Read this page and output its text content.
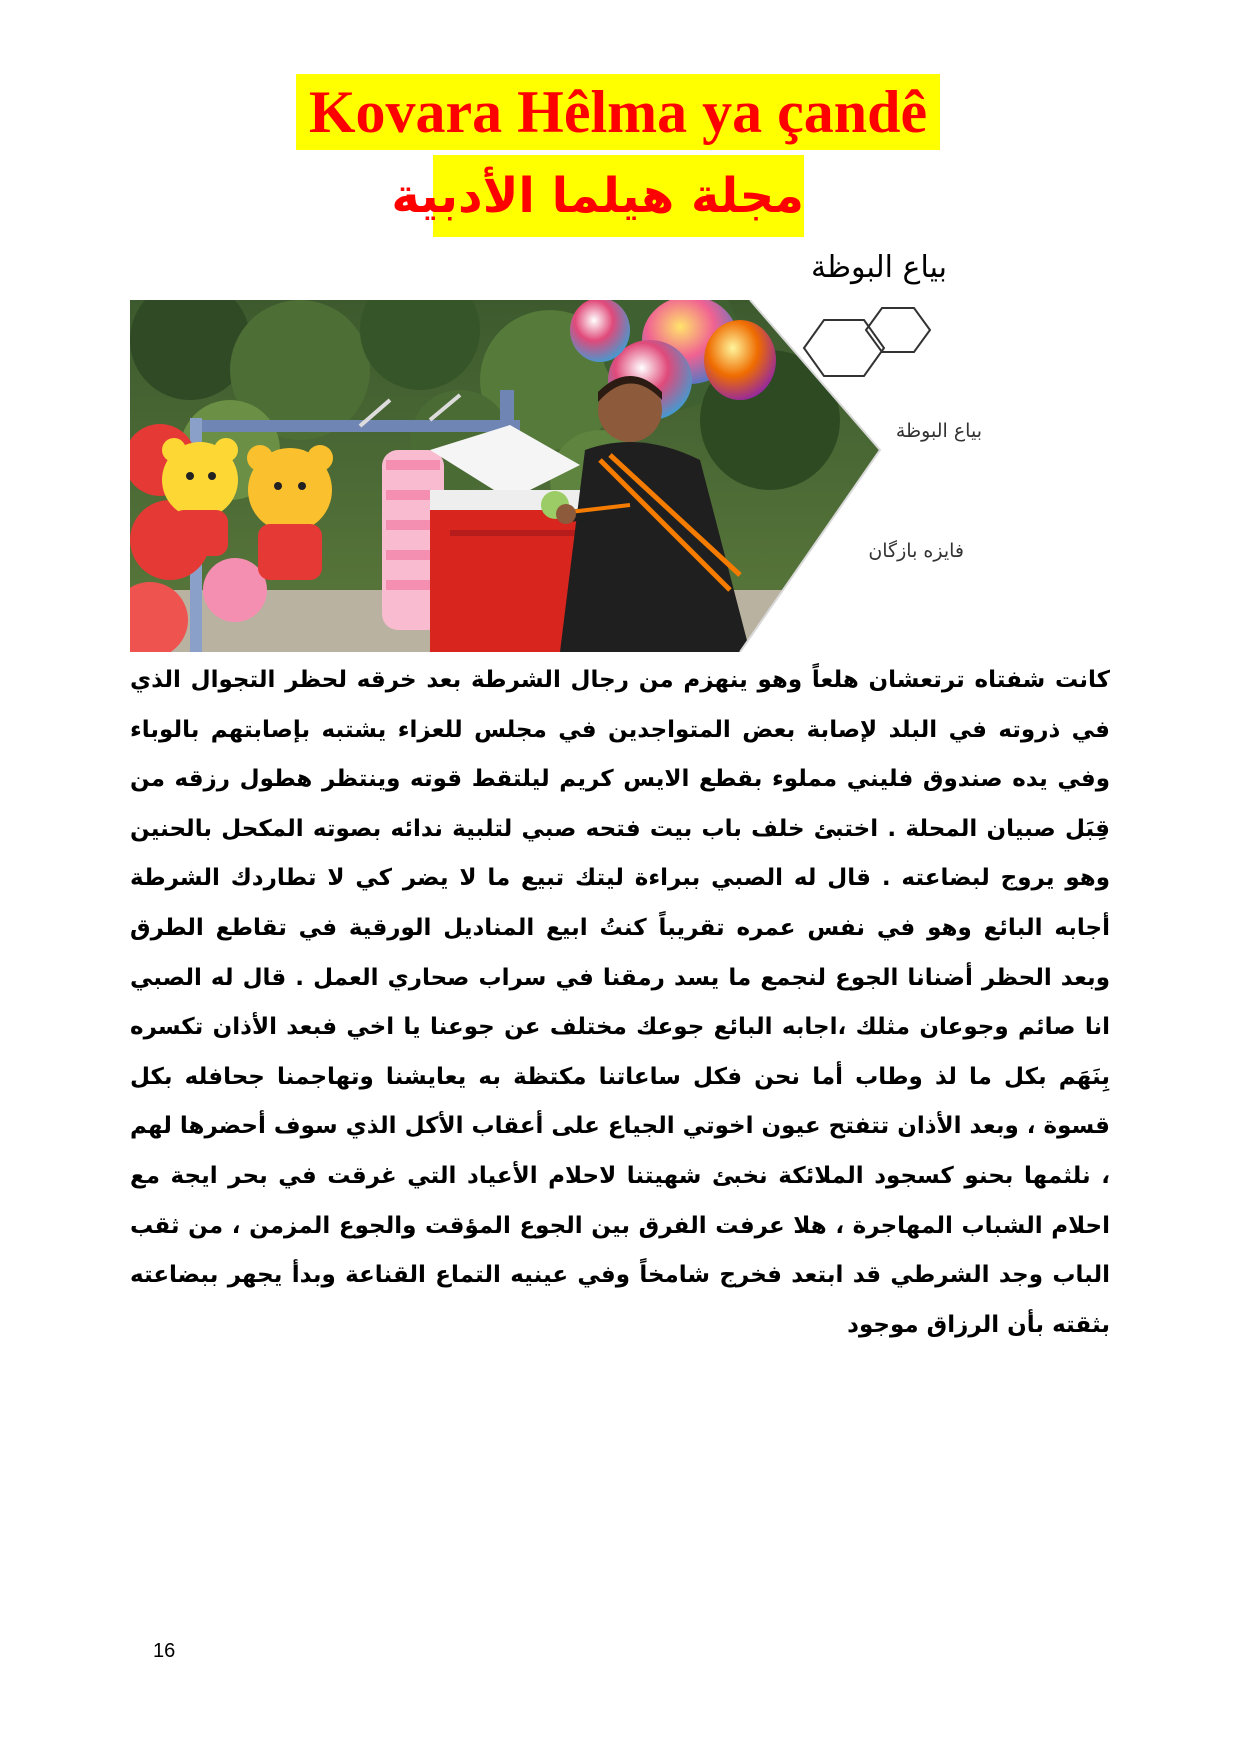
Kovara Hêlma ya çandê
مجلة هيلما الأدبية
بياع البوظة
بياع البوظة
فايزه بازگان

كانت شفتاه ترتعشان هلعاً وهو ينهزم من رجال الشرطة بعد خرقه لحظر التجوال الذي في ذروته في البلد لإصابة بعض المتواجدين في مجلس للعزاء يشتبه بإصابتهم بالوباء وفي يده صندوق فليني مملوء بقطع الايس كريم ليلتقط قوته وينتظر هطول رزقه من قِبَل صبيان المحلة . اختبئ خلف باب بيت فتحه صبي لتلبية ندائه بصوته المكحل بالحنين وهو يروج لبضاعته . قال له الصبي ببراءة ليتك تبيع ما لا يضر كي لا تطاردك الشرطة أجابه البائع وهو في نفس عمره تقريباً كنتُ ابيع المناديل الورقية في تقاطع الطرق وبعد الحظر أضنانا الجوع لنجمع ما يسد رمقنا في سراب صحاري العمل . قال له الصبي انا صائم وجوعان مثلك ،اجابه البائع جوعك مختلف عن جوعنا يا اخي فبعد الأذان تكسره بِنَهَم بكل ما لذ وطاب أما نحن فكل ساعاتنا مكتظة به يعايشنا وتهاجمنا جحافله بكل قسوة ، وبعد الأذان تتفتح عيون اخوتي الجياع على أعقاب الأكل الذي سوف أحضرها لهم ، نلثمها بحنو كسجود الملائكة نخبئ شهيتنا لاحلام الأعياد التي غرقت في بحر ايجة مع احلام الشباب المهاجرة ، هلا عرفت الفرق بين الجوع المؤقت والجوع المزمن ، من ثقب الباب وجد الشرطي قد ابتعد فخرج شامخاً وفي عينيه التماع القناعة وبدأ يجهر ببضاعته بثقته بأن الرزاق موجود

16
